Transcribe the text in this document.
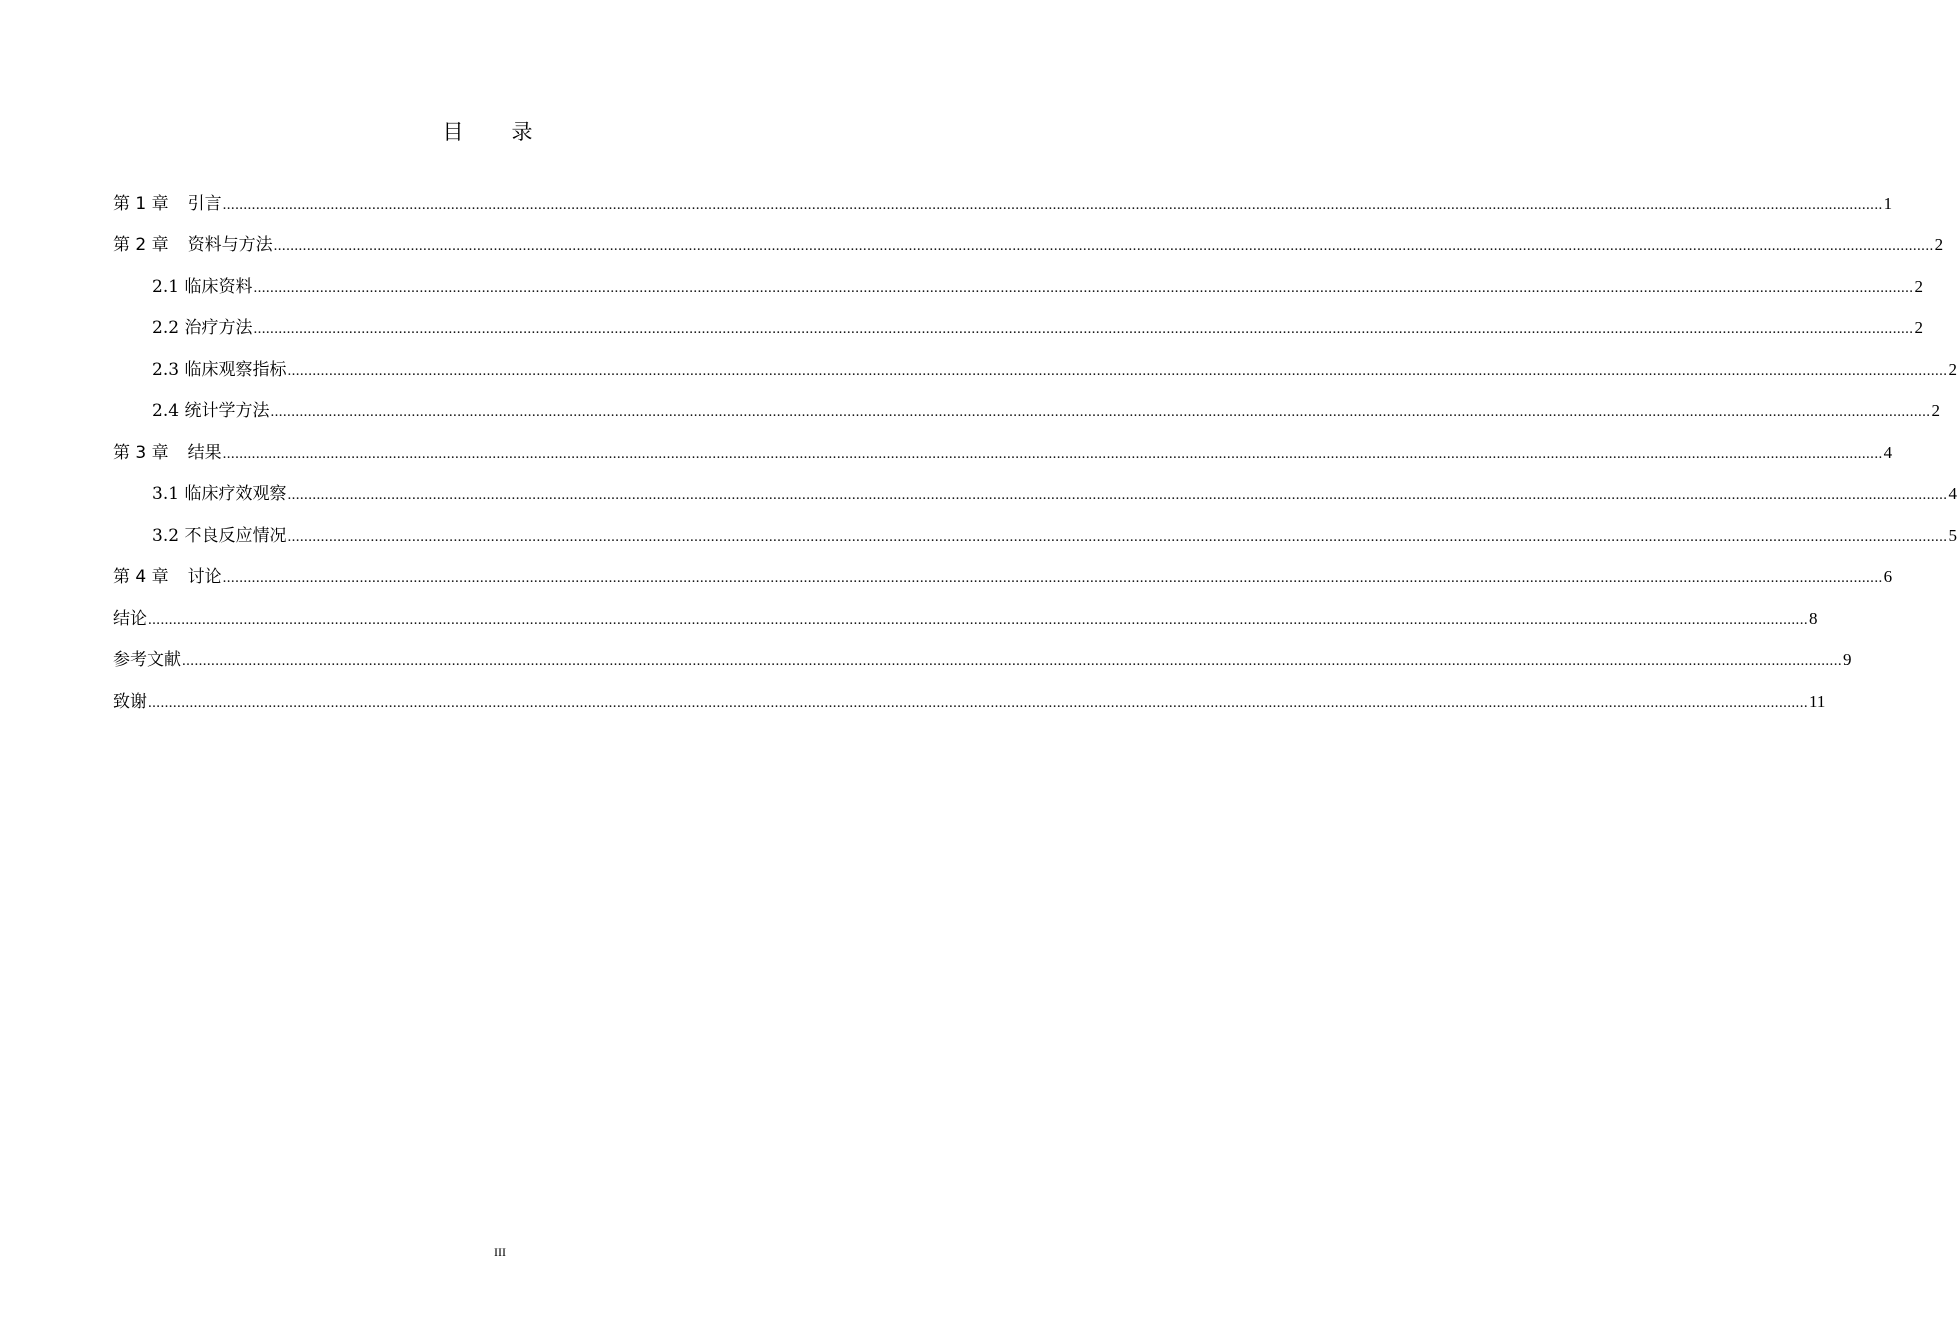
目 录
第 1 章 引言 ................................................................................................................................................................................................................................................................................................................................................................................................................ 1
第 2 章 资料与方法 ................................................................................................................................................................................................................................................................................................................................................................................................................ 2
2.1 临床资料 ................................................................................................................................................................................................................................................................................................................................................................................................................ 2
2.2 治疗方法 ................................................................................................................................................................................................................................................................................................................................................................................................................ 2
2.3 临床观察指标 ................................................................................................................................................................................................................................................................................................................................................................................................................ 2
2.4 统计学方法 ................................................................................................................................................................................................................................................................................................................................................................................................................ 2
第 3 章 结果 ................................................................................................................................................................................................................................................................................................................................................................................................................ 4
3.1 临床疗效观察 ................................................................................................................................................................................................................................................................................................................................................................................................................ 4
3.2 不良反应情况 ................................................................................................................................................................................................................................................................................................................................................................................................................ 5
第 4 章 讨论 ................................................................................................................................................................................................................................................................................................................................................................................................................ 6
结论 ................................................................................................................................................................................................................................................................................................................................................................................................................ 8
参考文献 ................................................................................................................................................................................................................................................................................................................................................................................................................ 9
致谢 ................................................................................................................................................................................................................................................................................................................................................................................................................ 11
III
